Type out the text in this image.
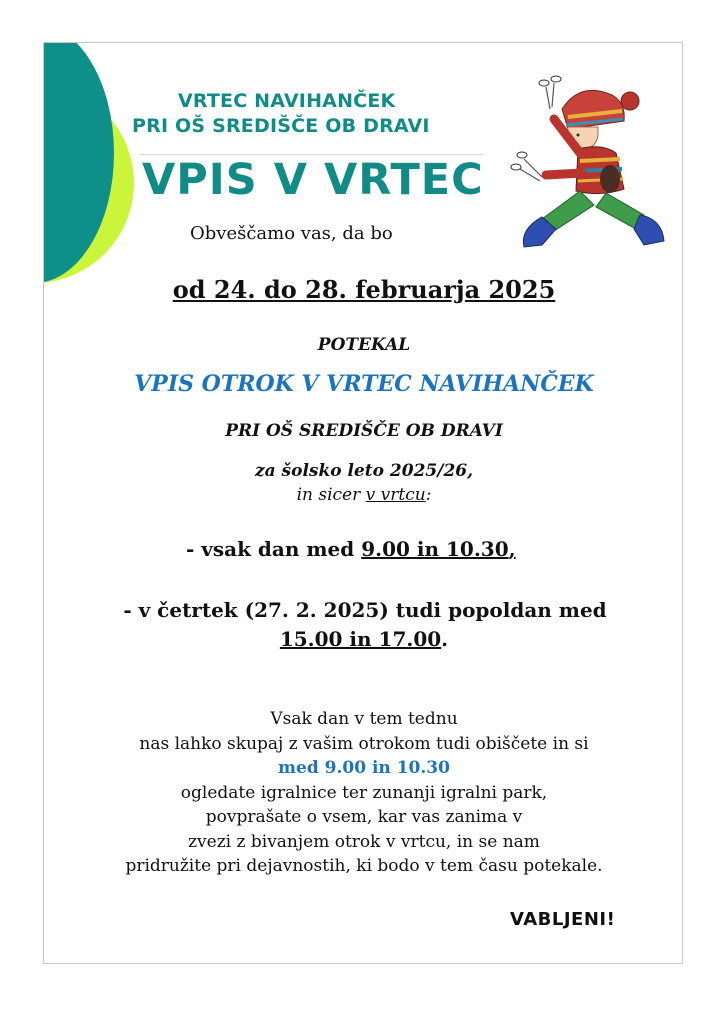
VRTEC NAVIHANČEK
PRI OŠ SREDIŠČE OB DRAVI
VPIS V VRTEC
Obveščamo vas, da bo
od 24. do 28. februarja 2025
POTEKAL
VPIS OTROK V VRTEC NAVIHANČEK
PRI OŠ SREDIŠČE OB DRAVI
za šolsko leto 2025/26,
in sicer v vrtcu:
- vsak dan med 9.00 in 10.30,
- v četrtek (27. 2. 2025) tudi popoldan med
15.00 in 17.00.
Vsak dan v tem tednu
nas lahko skupaj z vašim otrokom tudi obiščete in si
med 9.00 in 10.30
ogledate igralnice ter zunanji igralni park,
povprašate o vsem, kar vas zanima v
zvezi z bivanjem otrok v vrtcu, in se nam
pridružite pri dejavnostih, ki bodo v tem času potekale.
VABLJENI!
